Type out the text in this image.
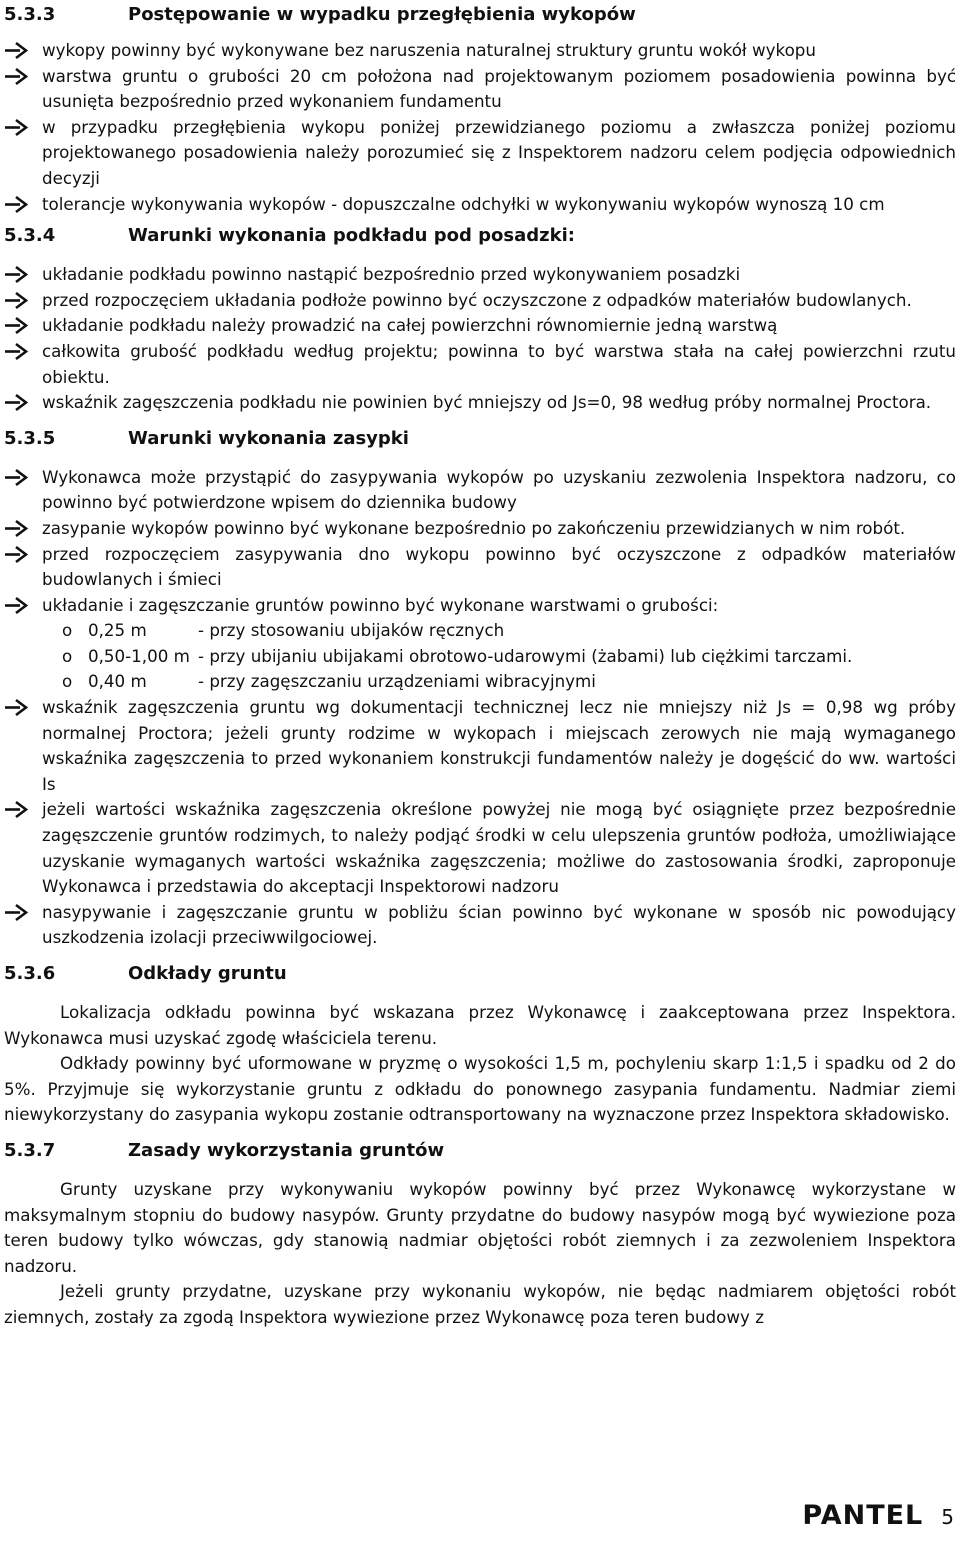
5.3.3	Postępowanie w wypadku przegłębienia wykopów
wykopy powinny być wykonywane bez naruszenia naturalnej struktury gruntu wokół wykopu
warstwa gruntu o grubości 20 cm położona nad projektowanym poziomem posadowienia powinna być usunięta bezpośrednio przed wykonaniem fundamentu
w przypadku przegłębienia wykopu poniżej przewidzianego poziomu a zwłaszcza poniżej poziomu projektowanego posadowienia należy porozumieć się z Inspektorem nadzoru celem podjęcia odpowiednich decyzji
tolerancje wykonywania wykopów - dopuszczalne odchyłki w wykonywaniu wykopów wynoszą 10 cm
5.3.4	Warunki wykonania podkładu pod posadzki:
układanie podkładu powinno nastąpić bezpośrednio przed wykonywaniem posadzki
przed rozpoczęciem układania podłoże powinno być oczyszczone z odpadków materiałów budowlanych.
układanie podkładu należy prowadzić na całej powierzchni równomiernie jedną warstwą
całkowita grubość podkładu według projektu; powinna to być warstwa stała na całej powierzchni rzutu obiektu.
wskaźnik zagęszczenia podkładu nie powinien być mniejszy od Js=0, 98 według próby normalnej Proctora.
5.3.5	Warunki wykonania zasypki
Wykonawca może przystąpić do zasypywania wykopów po uzyskaniu zezwolenia Inspektora nadzoru, co powinno być potwierdzone wpisem do dziennika budowy
zasypanie wykopów powinno być wykonane bezpośrednio po zakończeniu przewidzianych w nim robót.
przed rozpoczęciem zasypywania dno wykopu powinno być oczyszczone z odpadków materiałów budowlanych i śmieci
układanie i zagęszczanie gruntów powinno być wykonane warstwami o grubości:
o 0,25 m	- przy stosowaniu ubijaków ręcznych
o 0,50-1,00 m - przy ubijaniu ubijakami obrotowo-udarowymi (żabami) lub ciężkimi tarczami.
o 0,40 m	- przy zagęszczaniu urządzeniami wibracyjnymi
wskaźnik zagęszczenia gruntu wg dokumentacji technicznej lecz nie mniejszy niż Js = 0,98 wg próby normalnej Proctora; jeżeli grunty rodzime w wykopach i miejscach zerowych nie mają wymaganego wskaźnika zagęszczenia to przed wykonaniem konstrukcji fundamentów należy je dogęścić do ww. wartości Is
jeżeli wartości wskaźnika zagęszczenia określone powyżej nie mogą być osiągnięte przez bezpośrednie zagęszczenie gruntów rodzimych, to należy podjąć środki w celu ulepszenia gruntów podłoża, umożliwiające uzyskanie wymaganych wartości wskaźnika zagęszczenia; możliwe do zastosowania środki, zaproponuje Wykonawca i przedstawia do akceptacji Inspektorowi nadzoru
nasypywanie i zagęszczanie gruntu w pobliżu ścian powinno być wykonane w sposób nic powodujący uszkodzenia izolacji przeciwwilgociowej.
5.3.6	Odkłady gruntu

Lokalizacja odkładu powinna być wskazana przez Wykonawcę i zaakceptowana przez Inspektora. Wykonawca musi uzyskać zgodę właściciela terenu.

Odkłady powinny być uformowane w pryzmę o wysokości 1,5 m, pochyleniu skarp 1:1,5 i spadku od 2 do 5%. Przyjmuje się wykorzystanie gruntu z odkładu do ponownego zasypania fundamentu. Nadmiar ziemi niewykorzystany do zasypania wykopu zostanie odtransportowany na wyznaczone przez Inspektora składowisko.

5.3.7	Zasady wykorzystania gruntów

Grunty uzyskane przy wykonywaniu wykopów powinny być przez Wykonawcę wykorzystane w maksymalnym stopniu do budowy nasypów. Grunty przydatne do budowy nasypów mogą być wywiezione poza teren budowy tylko wówczas, gdy stanowią nadmiar objętości robót ziemnych i za zezwoleniem Inspektora nadzoru.

Jeżeli grunty przydatne, uzyskane przy wykonaniu wykopów, nie będąc nadmiarem objętości robót ziemnych, zostały za zgodą Inspektora wywiezione przez Wykonawcę poza teren budowy z

PANTEL 5
